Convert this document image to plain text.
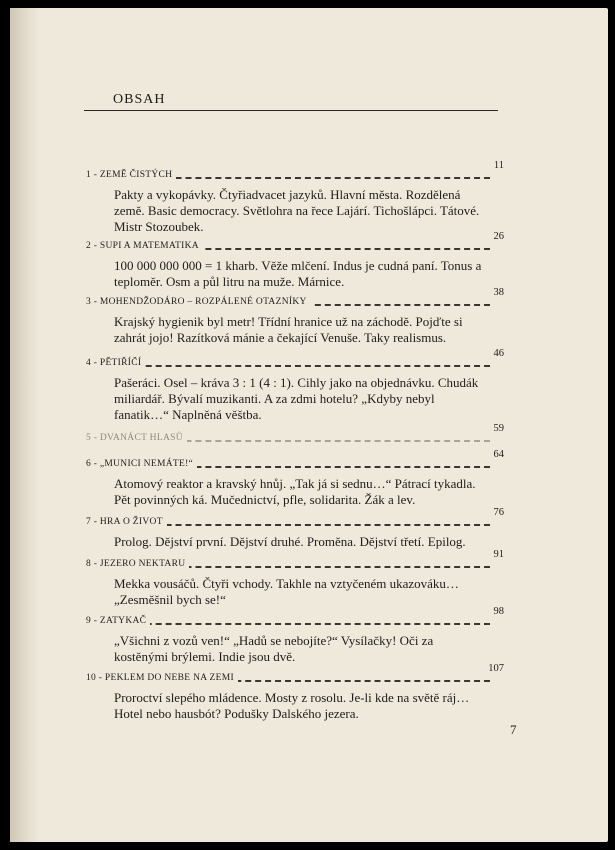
OBSAH
1 - ZEMĚ ČISTÝCH
11
Pakty a vykopávky. Čtyřiadvacet jazyků. Hlavní města. Rozdělená země. Basic democracy. Světlohra na řece Lajárí. Tichošlápci. Tátové. Mistr Stozoubek.
2 - SUPI A MATEMATIKA
26
100 000 000 000 = 1 kharb. Věže mlčení. Indus je cudná paní. Tonus a teploměr. Osm a půl litru na muže. Márnice.
3 - MOHENDŽODÁRO – ROZPÁLENÉ OTAZNÍKY
38
Krajský hygienik byl metr! Třídní hranice už na záchodě. Pojďte si zahrát jojo! Razítková mánie a čekající Venuše. Taky realismus.
4 - PĚTIŘÍČÍ
46
Pašeráci. Osel – kráva 3 : 1 (4 : 1). Cihly jako na objednávku. Chudák miliardář. Bývalí muzikanti. A za zdmi hotelu? „Kdyby nebyl fanatik…“ Naplněná věštba.
5 - DVANÁCT HLASŮ
59
6 - „MUNICI NEMÁTE!“
64
Atomový reaktor a kravský hnůj. „Tak já si sednu…“ Pátrací tykadla. Pět povinných ká. Mučednictví, pfle, solidarita. Žák a lev.
7 - HRA O ŽIVOT
76
Prolog. Dějství první. Dějství druhé. Proměna. Dějství třetí. Epilog.
8 - JEZERO NEKTARU
91
Mekka vousáčů. Čtyři vchody. Takhle na vztyčeném ukazováku… „Zesměšnil bych se!“
9 - ZATYKAČ
98
„Všichni z vozů ven!“ „Hadů se nebojíte?“ Vysílačky! Oči za kostěnými brýlemi. Indie jsou dvě.
10 - PEKLEM DO NEBE NA ZEMI
107
Proroctví slepého mládence. Mosty z rosolu. Je-li kde na světě ráj… Hotel nebo hausbót? Podušky Dalského jezera.
7
